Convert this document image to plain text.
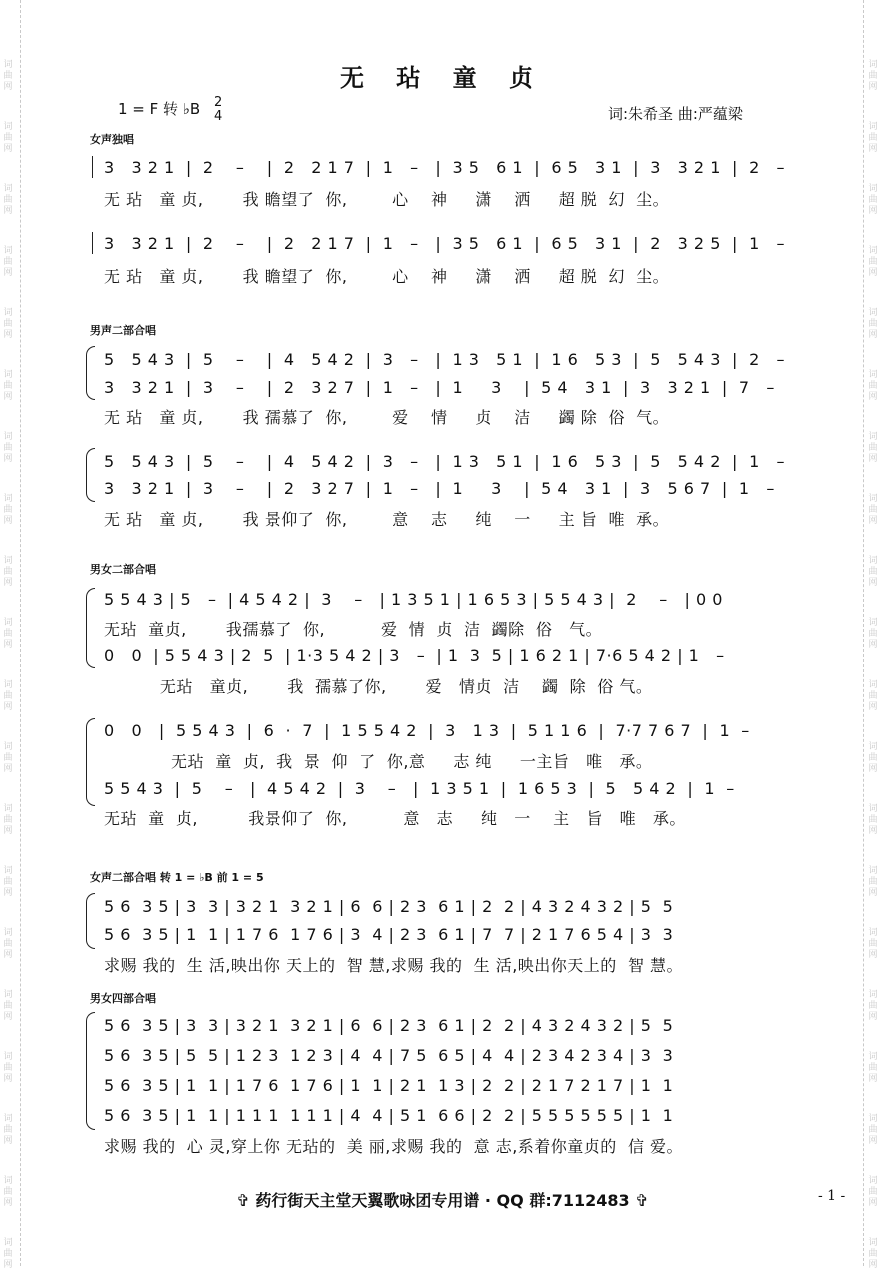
词
曲
网
词
曲
网
词
曲
网
词
曲
网
词
曲
网
词
曲
网
词
曲
网
词
曲
网
词
曲
网
词
曲
网
词
曲
网
词
曲
网
词
曲
网
词
曲
网
词
曲
网
词
曲
网
词
曲
网
词
曲
网
词
曲
网
词
曲
网
词
曲
网
词
曲
网
词
曲
网
词
曲
网
词
曲
网
词
曲
网
词
曲
网
词
曲
网
词
曲
网
词
曲
网
词
曲
网
词
曲
网
词
曲
网
词
曲
网
词
曲
网
词
曲
网
词
曲
网
词
曲
网
词
曲
网
词
曲
网
无 玷 童 贞
1 = F 转 ♭B 2
4	词:朱希圣 曲:严蕴梁
女声独唱
3   3 2 1  |  2    –    |  2   2 1 7  |  1   –   |  3 5   6 1  |  6 5   3 1  |  3   3 2 1  |  2   –
无 玷   童 贞,       我 瞻望了  你,        心    神     潇    洒     超 脱  幻  尘。
3   3 2 1  |  2    –    |  2   2 1 7  |  1   –   |  3 5   6 1  |  6 5   3 1  |  2   3 2 5  |  1   –
无 玷   童 贞,       我 瞻望了  你,        心    神     潇    洒     超 脱  幻  尘。
男声二部合唱
5   5 4 3  |  5    –    |  4   5 4 2  |  3   –   |  1 3   5 1  |  1 6   5 3  |  5   5 4 3  |  2   –
3   3 2 1  |  3    –    |  2   3 2 7  |  1   –   |  1     3    |  5 4   3 1  |  3   3 2 1  |  7   –
无 玷   童 贞,       我 孺慕了  你,        爱    情     贞    洁     蠲 除  俗  气。
5   5 4 3  |  5    –    |  4   5 4 2  |  3   –   |  1 3   5 1  |  1 6   5 3  |  5   5 4 2  |  1   –
3   3 2 1  |  3    –    |  2   3 2 7  |  1   –   |  1     3    |  5 4   3 1  |  3   5 6 7  |  1   –
无 玷   童 贞,       我 景仰了  你,        意    志     纯    一     主 旨  唯  承。
男女二部合唱
5 5 4 3 | 5   –  | 4 5 4 2 |  3    –   | 1 3 5 1 | 1 6 5 3 | 5 5 4 3 |  2    –   | 0 0
无玷  童贞,       我孺慕了  你,          爱  情  贞  洁  蠲除  俗   气。
0   0  | 5 5 4 3 | 2  5  | 1·3 5 4 2 | 3   –  | 1  3  5 | 1 6 2 1 | 7·6 5 4 2 | 1   –
无玷   童贞,       我  孺慕了你,       爱   情贞  洁    蠲  除  俗 气。
0   0   |  5 5 4 3  |  6  ·  7  |  1 5 5 4 2  |  3   1 3  |  5 1 1 6  |  7·7 7 6 7  |  1  –
无玷  童  贞,  我  景  仰  了  你,意     志 纯     一主旨   唯   承。
5 5 4 3  |  5    –   |  4 5 4 2  |  3    –   |  1 3 5 1  |  1 6 5 3  |  5   5 4 2  |  1  –
无玷  童  贞,         我景仰了  你,          意   志     纯   一    主   旨   唯   承。
女声二部合唱 转 1 = ♭B 前 1 = 5
5 6  3 5 | 3  3 | 3 2 1  3 2 1 | 6  6 | 2 3  6 1 | 2  2 | 4 3 2 4 3 2 | 5  5
5 6  3 5 | 1  1 | 1 7 6  1 7 6 | 3  4 | 2 3  6 1 | 7  7 | 2 1 7 6 5 4 | 3  3
求赐 我的  生 活,映出你 天上的  智 慧,求赐 我的  生 活,映出你天上的  智 慧。
男女四部合唱
5 6  3 5 | 3  3 | 3 2 1  3 2 1 | 6  6 | 2 3  6 1 | 2  2 | 4 3 2 4 3 2 | 5  5
5 6  3 5 | 5  5 | 1 2 3  1 2 3 | 4  4 | 7 5  6 5 | 4  4 | 2 3 4 2 3 4 | 3  3
5 6  3 5 | 1  1 | 1 7 6  1 7 6 | 1  1 | 2 1  1 3 | 2  2 | 2 1 7 2 1 7 | 1  1
5 6  3 5 | 1  1 | 1 1 1  1 1 1 | 4  4 | 5 1  6 6 | 2  2 | 5 5 5 5 5 5 | 1  1
求赐 我的  心 灵,穿上你 无玷的  美 丽,求赐 我的  意 志,系着你童贞的  信 爱。
✞ 药行街天主堂天翼歌咏团专用谱 · QQ 群:7112483 ✞	- 1 -
